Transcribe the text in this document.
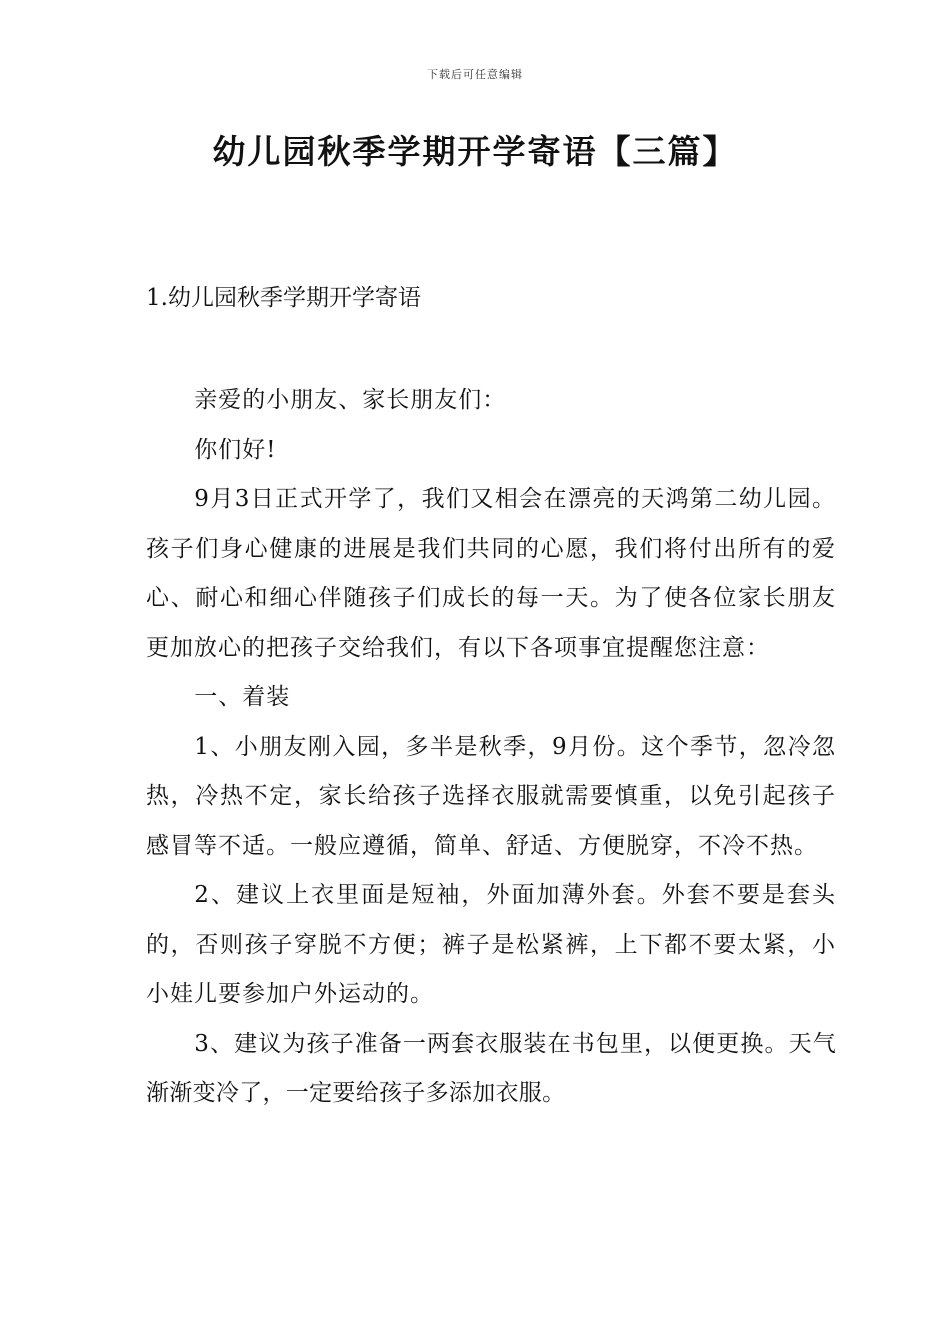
下载后可任意编辑
幼儿园秋季学期开学寄语【三篇】
1.幼儿园秋季学期开学寄语

亲爱的小朋友、家长朋友们：

你们好!

9月3日正式开学了，我们又相会在漂亮的天鸿第二幼儿园。孩子们身心健康的进展是我们共同的心愿，我们将付出所有的爱心、耐心和细心伴随孩子们成长的每一天。为了使各位家长朋友更加放心的把孩子交给我们，有以下各项事宜提醒您注意：

一、着装

1、小朋友刚入园，多半是秋季，9月份。这个季节，忽冷忽热，冷热不定，家长给孩子选择衣服就需要慎重，以免引起孩子感冒等不适。一般应遵循，简单、舒适、方便脱穿，不冷不热。

2、建议上衣里面是短袖，外面加薄外套。外套不要是套头的，否则孩子穿脱不方便；裤子是松紧裤，上下都不要太紧，小小娃儿要参加户外运动的。

3、建议为孩子准备一两套衣服装在书包里，以便更换。天气渐渐变冷了，一定要给孩子多添加衣服。
